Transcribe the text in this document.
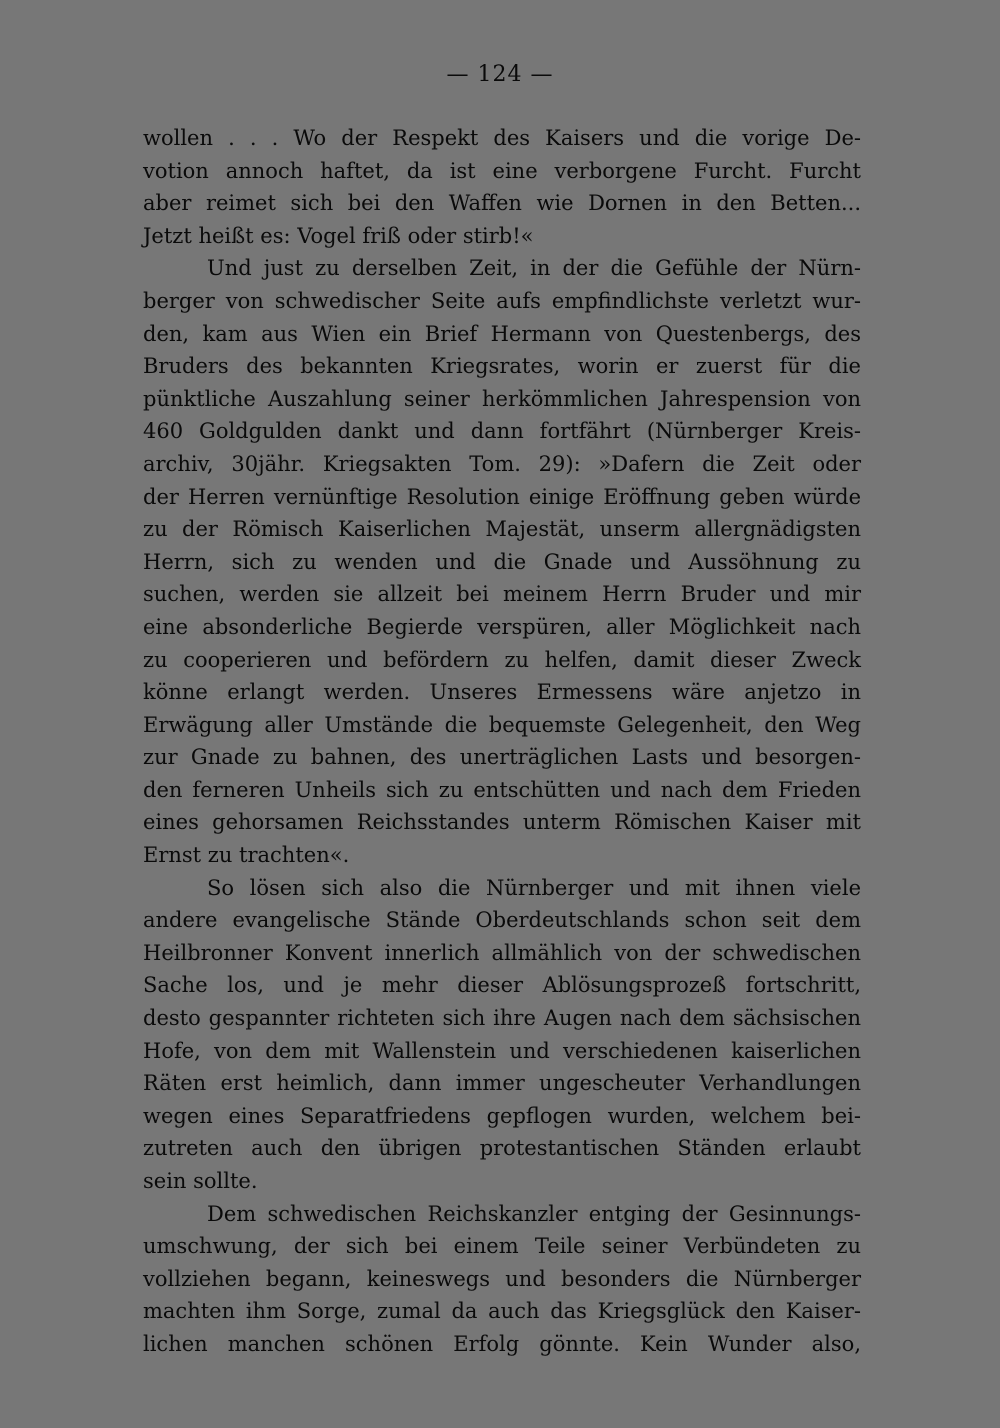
— 124 —
wollen . . . Wo der Respekt des Kaisers und die vorige De-
votion annoch haftet, da ist eine verborgene Furcht. Furcht
aber reimet sich bei den Waffen wie Dornen in den Betten...
Jetzt heißt es: Vogel friß oder stirb!«
Und just zu derselben Zeit, in der die Gefühle der Nürn-
berger von schwedischer Seite aufs empfindlichste verletzt wur-
den, kam aus Wien ein Brief Hermann von Questenbergs, des
Bruders des bekannten Kriegsrates, worin er zuerst für die
pünktliche Auszahlung seiner herkömmlichen Jahrespension von
460 Goldgulden dankt und dann fortfährt (Nürnberger Kreis-
archiv, 30jähr. Kriegsakten Tom. 29): »Dafern die Zeit oder
der Herren vernünftige Resolution einige Eröffnung geben würde
zu der Römisch Kaiserlichen Majestät, unserm allergnädigsten
Herrn, sich zu wenden und die Gnade und Aussöhnung zu
suchen, werden sie allzeit bei meinem Herrn Bruder und mir
eine absonderliche Begierde verspüren, aller Möglichkeit nach
zu cooperieren und befördern zu helfen, damit dieser Zweck
könne erlangt werden. Unseres Ermessens wäre anjetzo in
Erwägung aller Umstände die bequemste Gelegenheit, den Weg
zur Gnade zu bahnen, des unerträglichen Lasts und besorgen-
den ferneren Unheils sich zu entschütten und nach dem Frieden
eines gehorsamen Reichsstandes unterm Römischen Kaiser mit
Ernst zu trachten«.
So lösen sich also die Nürnberger und mit ihnen viele
andere evangelische Stände Oberdeutschlands schon seit dem
Heilbronner Konvent innerlich allmählich von der schwedischen
Sache los, und je mehr dieser Ablösungsprozeß fortschritt,
desto gespannter richteten sich ihre Augen nach dem sächsischen
Hofe, von dem mit Wallenstein und verschiedenen kaiserlichen
Räten erst heimlich, dann immer ungescheuter Verhandlungen
wegen eines Separatfriedens gepflogen wurden, welchem bei-
zutreten auch den übrigen protestantischen Ständen erlaubt
sein sollte.
Dem schwedischen Reichskanzler entging der Gesinnungs-
umschwung, der sich bei einem Teile seiner Verbündeten zu
vollziehen begann, keineswegs und besonders die Nürnberger
machten ihm Sorge, zumal da auch das Kriegsglück den Kaiser-
lichen manchen schönen Erfolg gönnte. Kein Wunder also,
